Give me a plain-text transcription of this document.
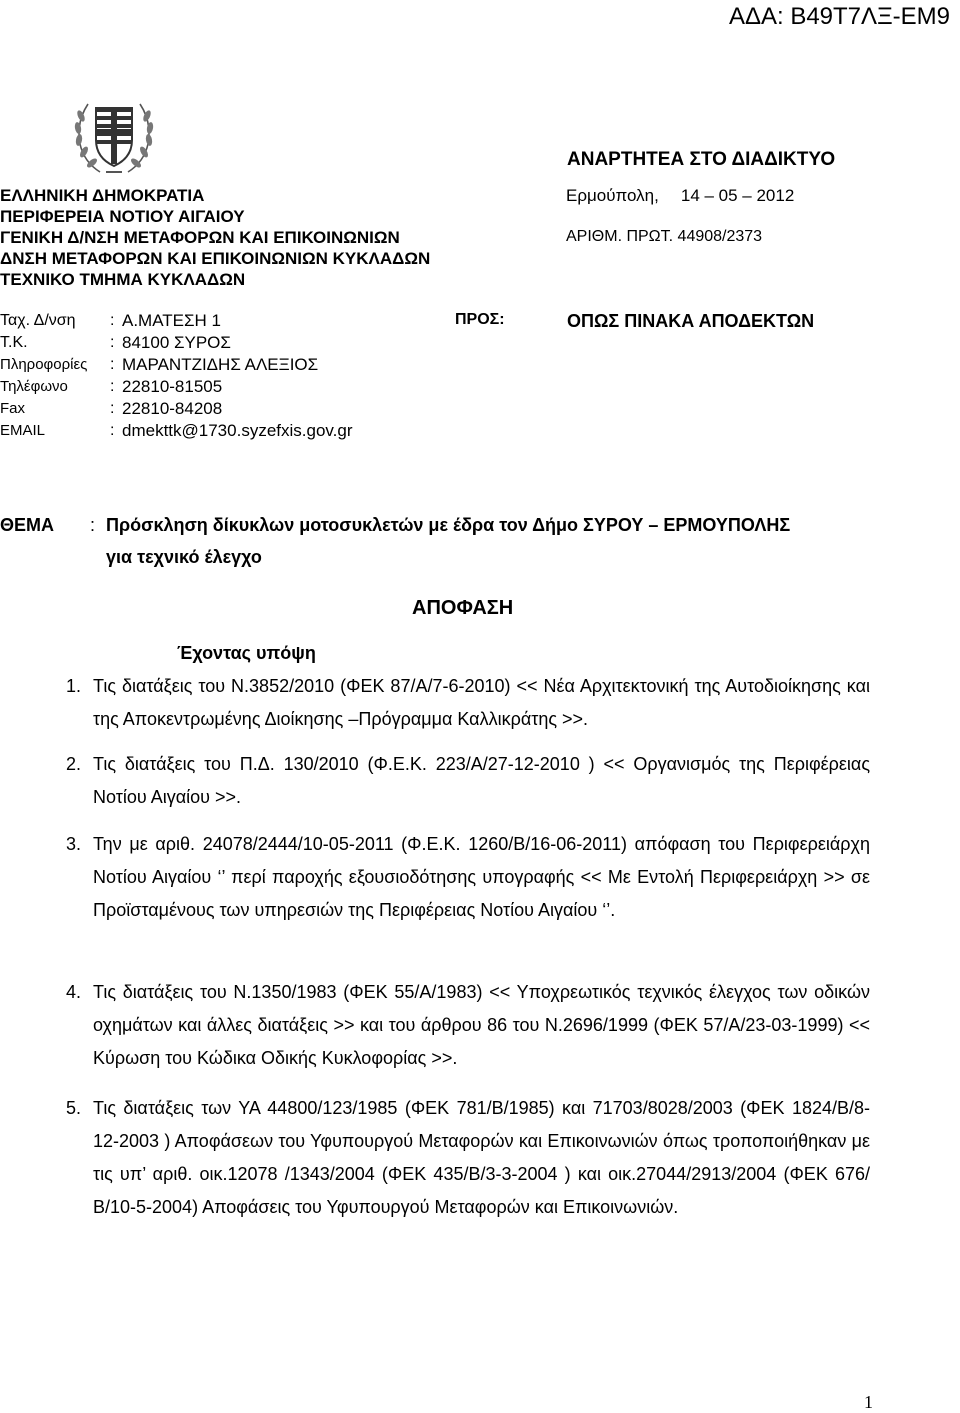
ΑΔΑ: Β49Τ7ΛΞ-ΕΜ9
ΕΛΛΗΝΙΚΗ ΔΗΜΟΚΡΑΤΙΑ
ΠΕΡΙΦΕΡΕΙΑ ΝΟΤΙΟΥ ΑΙΓΑΙΟΥ
ΓΕΝΙΚΗ Δ/ΝΣΗ ΜΕΤΑΦΟΡΩΝ ΚΑΙ ΕΠΙΚΟΙΝΩΝΙΩΝ
ΔΝΣΗ ΜΕΤΑΦΟΡΩΝ ΚΑΙ ΕΠΙΚΟΙΝΩΝΙΩΝ ΚΥΚΛΑΔΩΝ
ΤΕΧΝΙΚΟ ΤΜΗΜΑ ΚΥΚΛΑΔΩΝ
ΑΝΑΡΤΗΤΕΑ ΣΤΟ ΔΙΑΔΙΚΤΥΟ
Ερμούπολη, 14 – 05 – 2012
ΑΡΙΘΜ. ΠΡΩΤ. 44908/2373
Ταχ. Δ/νση	: Α.ΜΑΤΕΣΗ 1
Τ.Κ.	: 84100 ΣΥΡΟΣ
Πληροφορίες	: ΜΑΡΑΝΤΖΙΔΗΣ ΑΛΕΞΙΟΣ
Τηλέφωνο	: 22810-81505
Fax	: 22810-84208
EMAIL	: dmekttk@1730.syzefxis.gov.gr
ΠΡΟΣ:	ΟΠΩΣ ΠΙΝΑΚΑ ΑΠΟΔΕΚΤΩΝ
ΘΕΜΑ : Πρόσκληση δίκυκλων μοτοσυκλετών με έδρα τον Δήμο ΣΥΡΟΥ – ΕΡΜΟΥΠΟΛΗΣ
για τεχνικό έλεγχο
ΑΠΟΦΑΣΗ
Έχοντας υπόψη
1. Τις διατάξεις του Ν.3852/2010 (ΦΕΚ 87/Α/7-6-2010) << Νέα Αρχιτεκτονική της Αυτοδιοίκησης και της Αποκεντρωμένης Διοίκησης –Πρόγραμμα Καλλικράτης >>.
2. Τις διατάξεις του Π.Δ. 130/2010 (Φ.Ε.Κ. 223/Α/27-12-2010 ) << Οργανισμός της Περιφέρειας Νοτίου Αιγαίου >>.
3. Την με αριθ. 24078/2444/10-05-2011 (Φ.Ε.Κ. 1260/Β/16-06-2011) απόφαση του Περιφερειάρχη Νοτίου Αιγαίου ‘’ περί παροχής εξουσιοδότησης υπογραφής << Με Εντολή Περιφερειάρχη >> σε Προϊσταμένους των υπηρεσιών της Περιφέρειας Νοτίου Αιγαίου ‘’.
4. Τις διατάξεις του Ν.1350/1983 (ΦΕΚ 55/Α/1983) << Υποχρεωτικός τεχνικός έλεγχος των οδικών οχημάτων και άλλες διατάξεις >> και του άρθρου 86 του Ν.2696/1999 (ΦΕΚ 57/Α/23-03-1999) << Κύρωση του Κώδικα Οδικής Κυκλοφορίας >>.
5. Τις διατάξεις των ΥΑ 44800/123/1985 (ΦΕΚ 781/Β/1985) και 71703/8028/2003 (ΦΕΚ 1824/Β/8-12-2003 ) Αποφάσεων του Υφυπουργού Μεταφορών και Επικοινωνιών όπως τροποποιήθηκαν με τις υπ’ αριθ. οικ.12078 /1343/2004 (ΦΕΚ 435/Β/3-3-2004 ) και οικ.27044/2913/2004 (ΦΕΚ 676/Β/10-5-2004) Αποφάσεις του Υφυπουργού Μεταφορών και Επικοινωνιών.
1
